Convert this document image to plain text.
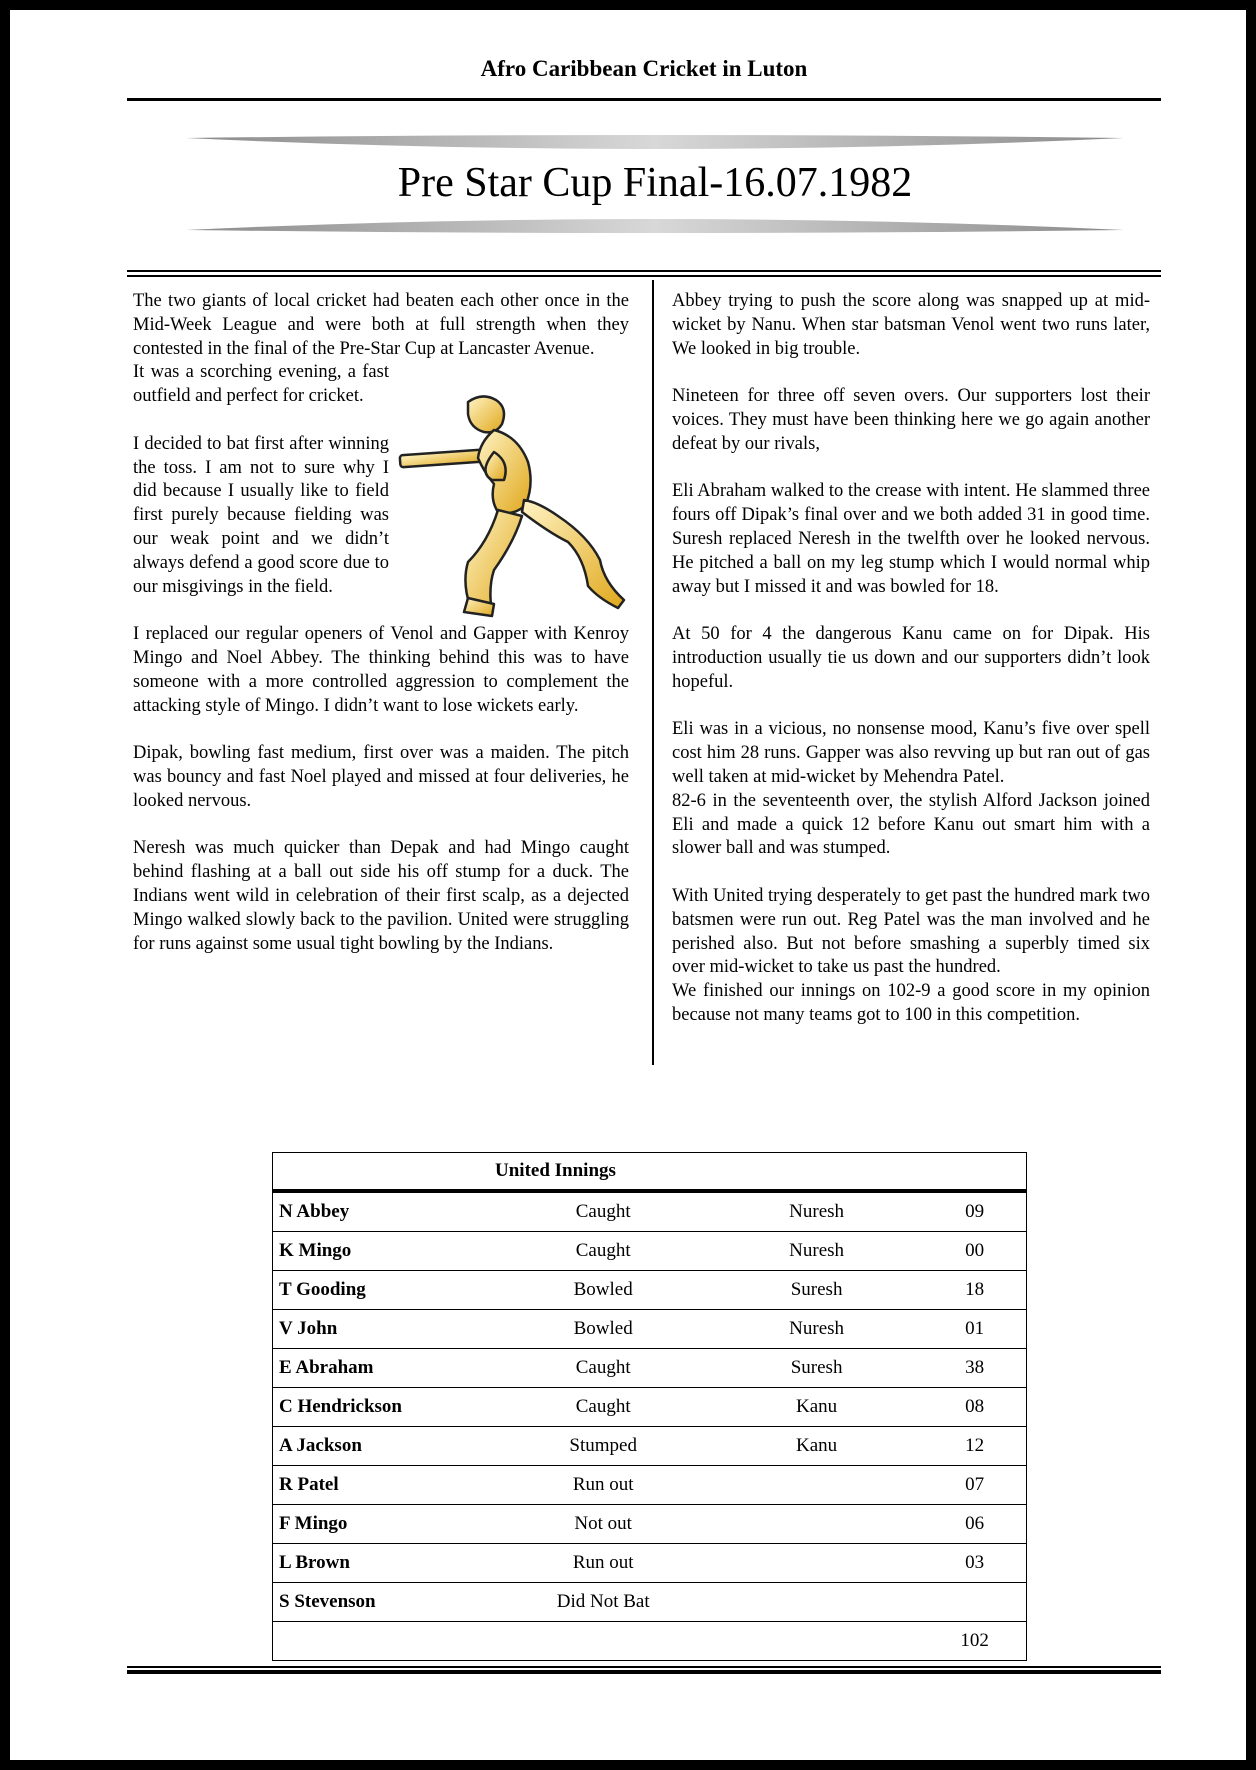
Afro Caribbean Cricket in Luton
Pre Star Cup Final-16.07.1982

The two giants of local cricket had beaten each other once in the Mid-Week League and were both at full strength when they contested in the final of the Pre-Star Cup at Lancaster Avenue.

It was a scorching evening, a fast outfield and perfect for cricket.

I decided to bat first after winning the toss. I am not to sure why I did because I usually like to field first purely because fielding was our weak point and we didn’t always defend a good score due to our misgivings in the field.

I replaced our regular openers of Venol and Gapper with Kenroy Mingo and Noel Abbey. The thinking behind this was to have someone with a more controlled aggression to complement the attacking style of Mingo. I didn’t want to lose wickets early.

Dipak, bowling fast medium, first over was a maiden. The pitch was bouncy and fast Noel played and missed at four deliveries, he looked nervous.

Neresh was much quicker than Depak and had Mingo caught behind flashing at a ball out side his off stump for a duck. The Indians went wild in celebration of their first scalp, as a dejected Mingo walked slowly back to the pavilion. United were struggling for runs against some usual tight bowling by the Indians.

Abbey trying to push the score along was snapped up at mid-wicket by Nanu. When star batsman Venol went two runs later, We looked in big trouble.

Nineteen for three off seven overs. Our supporters lost their voices. They must have been thinking here we go again another defeat by our rivals,

Eli Abraham walked to the crease with intent. He slammed three fours off Dipak’s final over and we both added 31 in good time. Suresh replaced Neresh in the twelfth over he looked nervous. He pitched a ball on my leg stump which I would normal whip away but I missed it and was bowled for 18.

At 50 for 4 the dangerous Kanu came on for Dipak. His introduction usually tie us down and our supporters didn’t look hopeful.

Eli was in a vicious, no nonsense mood, Kanu’s five over spell cost him 28 runs. Gapper was also revving up but ran out of gas well taken at mid-wicket by Mehendra Patel.

82-6 in the seventeenth over, the stylish Alford Jackson joined Eli and made a quick 12 before Kanu out smart him with a slower ball and was stumped.

With United trying desperately to get past the hundred mark two batsmen were run out. Reg Patel was the man involved and he perished also. But not before smashing a superbly timed six over mid-wicket to take us past the hundred.

We finished our innings on 102-9 a good score in my opinion because not many teams got to 100 in this competition.

United Innings			
N Abbey	Caught	Nuresh	09
K Mingo	Caught	Nuresh	00
T Gooding	Bowled	Suresh	18
V John	Bowled	Nuresh	01
E Abraham	Caught	Suresh	38
C Hendrickson	Caught	Kanu	08
A Jackson	Stumped	Kanu	12
R Patel	Run out		07
F Mingo	Not out		06
L Brown	Run out		03
S Stevenson	Did Not Bat		
			102
